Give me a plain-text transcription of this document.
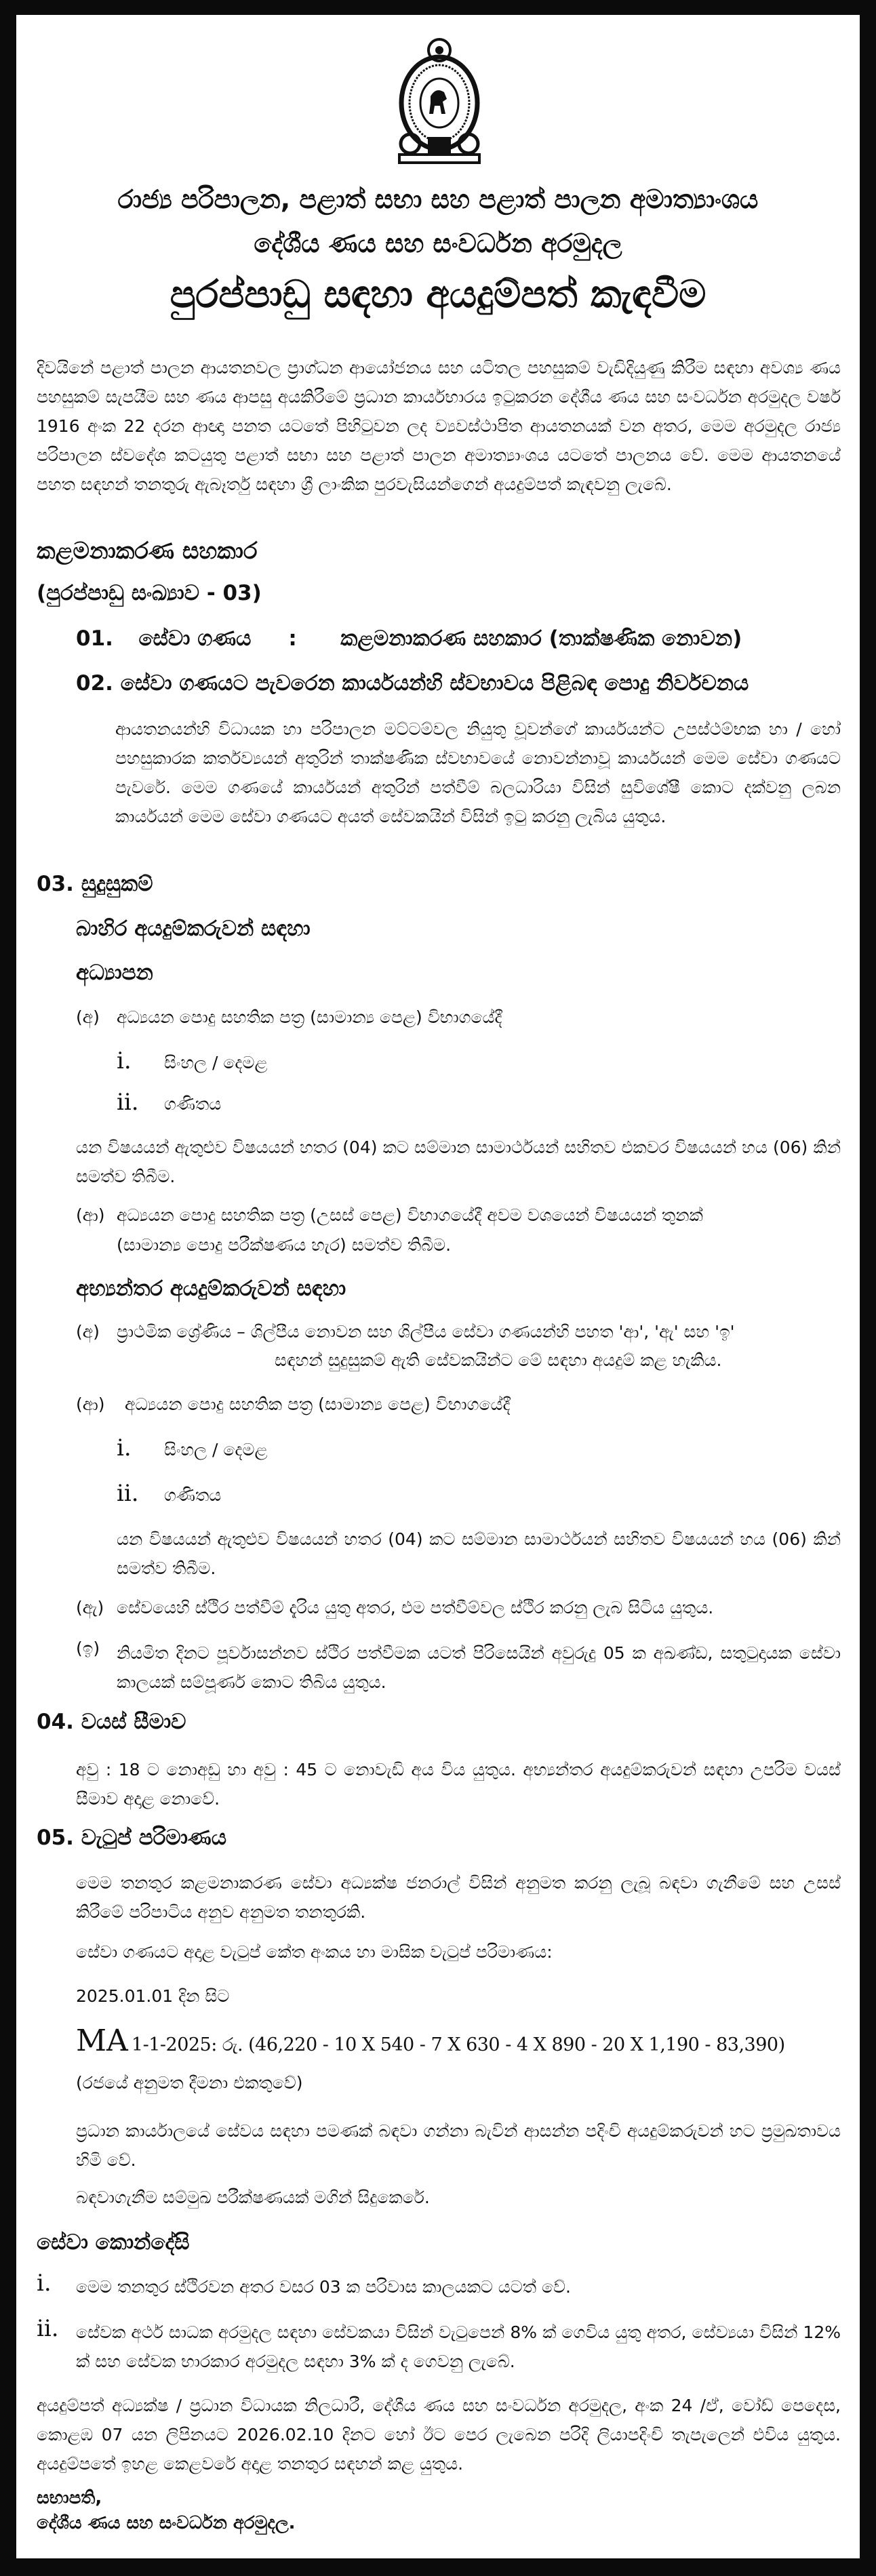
රාජ්‍ය පරිපාලන, පළාත් සභා සහ පළාත් පාලන අමාත්‍යාංශය
දේශීය ණය සහ සංවර්ධන අරමුදල
පුරප්පාඩු සඳහා අයදුම්පත් කැඳවීම
දිවයිනේ පළාත් පාලන ආයතනවල ප්‍රාග්ධන ආයෝජනය සහ යටිතල පහසුකම් වැඩිදියුණු කිරීම සඳහා අවශ්‍ය ණය පහසුකම් සැපයීම සහ ණය ආපසු අයකිරීමේ ප්‍රධාන කාර්යභාරය ඉටුකරන දේශීය ණය සහ සංවර්ධන අරමුදල වර්ෂ 1916 අංක 22 දරන ආඥා පනත යටතේ පිහිටුවන ලද ව්‍යවස්ථාපිත ආයතනයක් වන අතර, මෙම අරමුදල රාජ්‍ය පරිපාලන ස්වදේශ කටයුතු පළාත් සභා සහ පළාත් පාලන අමාත්‍යාංශය යටතේ පාලනය වේ. මෙම ආයතනයේ පහත සඳහන් තනතුරු ඇබෑර්තු සඳහා ශ්‍රී ලාංකික පුරවැසියන්ගෙන් අයදුම්පත් කැඳවනු ලැබේ.
කළමනාකරණ සහකාර
(පුරප්පාඩු සංඛ්‍යාව - 03)
01. සේවා ගණය : කළමනාකරණ සහකාර (තාක්ෂණික නොවන)
02. සේවා ගණයට පැවරෙන කාර්යයන්හි ස්වභාවය පිළිබඳ පොදු නිර්වචනය
ආයතනයන්හි විධායක හා පරිපාලන මට්ටම්වල නියුතු වූවන්ගේ කාර්යයන්ට උපස්ථම්භක හා / හෝ පහසුකාරක කර්තව්‍යයන් අතුරින් තාක්ෂණික ස්වභාවයේ නොවන්නාවූ කාර්යයන් මෙම සේවා ගණයට පැවරේ. මෙම ගණයේ කාර්යයන් අතුරින් පත්වීම් බලධාරියා විසින් සුවිශේෂී කොට දක්වනු ලබන කාර්යයන් මෙම සේවා ගණයට අයත් සේවකයින් විසින් ඉටු කරනු ලැබිය යුතුය.
03. සුදුසුකම්
බාහිර අයදුම්කරුවන් සඳහා
අධ්‍යාපන
(අ) අධ්‍යයන පොදු සහතික පත්‍ර (සාමාන්‍ය පෙළ) විභාගයේදී
i. සිංහල / දෙමළ
ii. ගණිතය
යන විෂයයන් ඇතුළුව විෂයයන් හතර (04) කට සම්මාන සාමාර්ථයන් සහිතව එකවර විෂයයන් හය (06) කින් සමත්ව තිබීම.
(ආ) අධ්‍යයන පොදු සහතික පත්‍ර (උසස් පෙළ) විභාගයේදී අවම වශයෙන් විෂයයන් තුනක්
(සාමාන්‍ය පොදු පරීක්ෂණය හැර) සමත්ව තිබීම.
අභ්‍යන්තර අයදුම්කරුවන් සඳහා
(අ) ප්‍රාථමික ශ්‍රේණිය – ශිල්පීය නොවන සහ ශිල්පීය සේවා ගණයන්හි පහත 'ආ', 'ඇ' සහ 'ඉ'
සඳහන් සුදුසුකම් ඇති සේවකයින්ට මේ සඳහා අයදුම් කළ හැකිය.
(ආ) අධ්‍යයන පොදු සහතික පත්‍ර (සාමාන්‍ය පෙළ) විභාගයේදී
i. සිංහල / දෙමළ
ii. ගණිතය
යන විෂයයන් ඇතුළුව විෂයයන් හතර (04) කට සම්මාන සාමාර්ථයන් සහිතව විෂයයන් හය (06) කින් සමත්ව තිබීම.
(ඇ) සේවයෙහි ස්ථිර පත්වීම් දැරිය යුතු අතර, එම පත්වීම්වල ස්ථිර කරනු ලැබ සිටිය යුතුය.
(ඉ) නියමිත දිනට පූර්වාසන්නව ස්ථිර පත්වීමක යටත් පිරිසෙයින් අවුරුදු 05 ක අඛණ්ඩ, සතුටුදායක සේවා කාලයක් සම්පූර්ණ කොට තිබිය යුතුය.
04. වයස් සීමාව
අවු : 18 ට නොඅඩු හා අවු : 45 ට නොවැඩි අය විය යුතුය. අභ්‍යන්තර අයදුම්කරුවන් සඳහා උපරිම වයස් සීමාව අදාළ නොවේ.
05. වැටුප් පරිමාණය
මෙම තනතුර කළමනාකරණ සේවා අධ්‍යක්ෂ ජනරාල් විසින් අනුමත කරනු ලැබූ බඳවා ගැනීමේ සහ උසස් කිරීමේ පරිපාටිය අනුව අනුමත තනතුරකි.
සේවා ගණයට අදාළ වැටුප් කේත අංකය හා මාසික වැටුප් පරිමාණය:
2025.01.01 දින සිට
MA 1-1-2025: රු. (46,220 - 10 X 540 - 7 X 630 - 4 X 890 - 20 X 1,190 - 83,390)
(රජයේ අනුමත දීමනා එකතුවේ)
ප්‍රධාන කාර්යාලයේ සේවය සඳහා පමණක් බඳවා ගන්නා බැවින් ආසන්න පදිංචි අයදුම්කරුවන් හට ප්‍රමුඛතාවය හිමි වේ.
බඳවාගැනීම සම්මුඛ පරීක්ෂණයක් මගින් සිදුකෙරේ.
සේවා කොන්දේසි
i. මෙම තනතුර ස්ථිරවන අතර වසර 03 ක පරිවාස කාලයකට යටත් වේ.
ii. සේවක අර්ථ සාධක අරමුදල සඳහා සේවකයා විසින් වැටුපෙන් 8% ක් ගෙවිය යුතු අතර, සේව්‍යයා විසින් 12% ක් සහ සේවක භාරකාර අරමුදල සඳහා 3% ක් ද ගෙවනු ලැබේ.
අයදුම්පත් අධ්‍යක්ෂ / ප්‍රධාන විධායක නිලධාරී, දේශීය ණය සහ සංවර්ධන අරමුදල, අංක 24 /ඒ, වෝඩ් පෙදෙස, කොළඹ 07 යන ලිපිනයට 2026.02.10 දිනට හෝ ඊට පෙර ලැබෙන පරිදි ලියාපදිංචි තැපැලෙන් එවිය යුතුය. අයදුම්පතේ ඉහළ කෙළවරේ අදාළ තනතුර සඳහන් කළ යුතුය.
සභාපති,
දේශීය ණය සහ සංවර්ධන අරමුදල.
